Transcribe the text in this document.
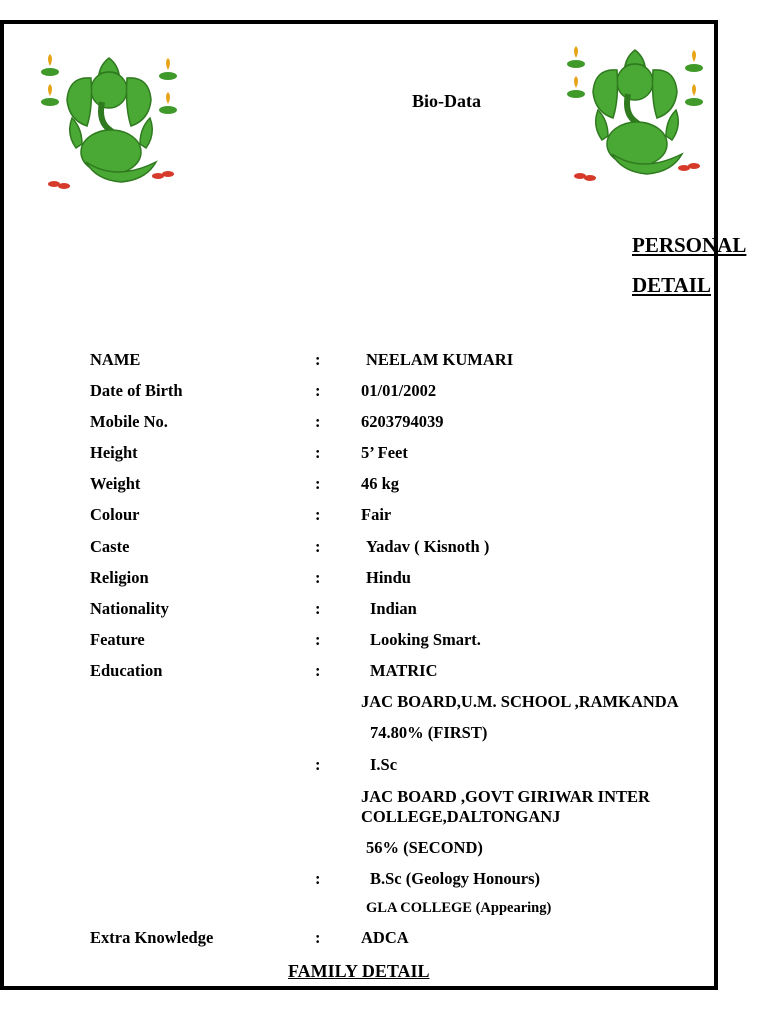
Bio-Data
PERSONAL
DETAIL
NAME	:	NEELAM KUMARI
Date of Birth	: 01/01/2002
Mobile No.	: 6203794039
Height	: 5’ Feet
Weight	: 46 kg
Colour	: Fair
Caste	:	Yadav ( Kisnoth )
Religion	:	Hindu
Nationality	:	Indian
Feature	:	Looking Smart.
Education	:	MATRIC
JAC BOARD,U.M. SCHOOL ,RAMKANDA
74.80% (FIRST)
:	I.Sc
JAC BOARD ,GOVT GIRIWAR INTER COLLEGE,DALTONGANJ
56% (SECOND)
:	B.Sc (Geology Honours)
GLA COLLEGE (Appearing)
Extra Knowledge	: ADCA
FAMILY DETAIL
